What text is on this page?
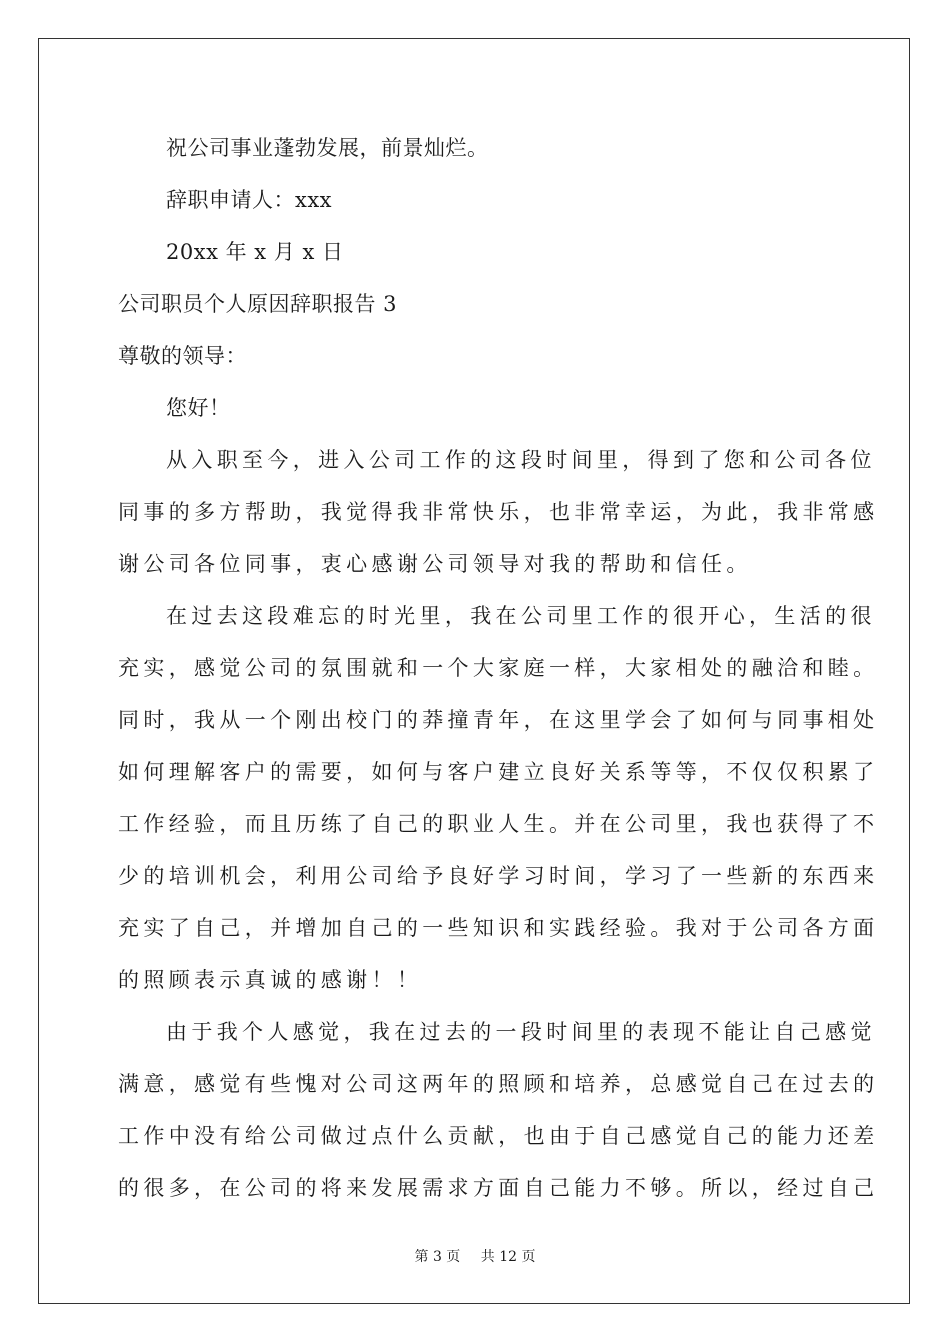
祝公司事业蓬勃发展，前景灿烂。
辞职申请人：xxx
20xx 年 x 月 x 日
公司职员个人原因辞职报告 3
尊敬的领导：
您好！
从入职至今，进入公司工作的这段时间里，得到了您和公司各位
同事的多方帮助，我觉得我非常快乐，也非常幸运，为此，我非常感
谢公司各位同事，衷心感谢公司领导对我的帮助和信任。
在过去这段难忘的时光里，我在公司里工作的很开心，生活的很
充实，感觉公司的氛围就和一个大家庭一样，大家相处的融洽和睦。
同时，我从一个刚出校门的莽撞青年，在这里学会了如何与同事相处
如何理解客户的需要，如何与客户建立良好关系等等，不仅仅积累了
工作经验，而且历练了自己的职业人生。并在公司里，我也获得了不
少的培训机会，利用公司给予良好学习时间，学习了一些新的东西来
充实了自己，并增加自己的一些知识和实践经验。我对于公司各方面
的照顾表示真诚的感谢！！
由于我个人感觉，我在过去的一段时间里的表现不能让自己感觉
满意，感觉有些愧对公司这两年的照顾和培养，总感觉自己在过去的
工作中没有给公司做过点什么贡献，也由于自己感觉自己的能力还差
的很多，在公司的将来发展需求方面自己能力不够。所以，经过自己
第 3 页 共 12 页
